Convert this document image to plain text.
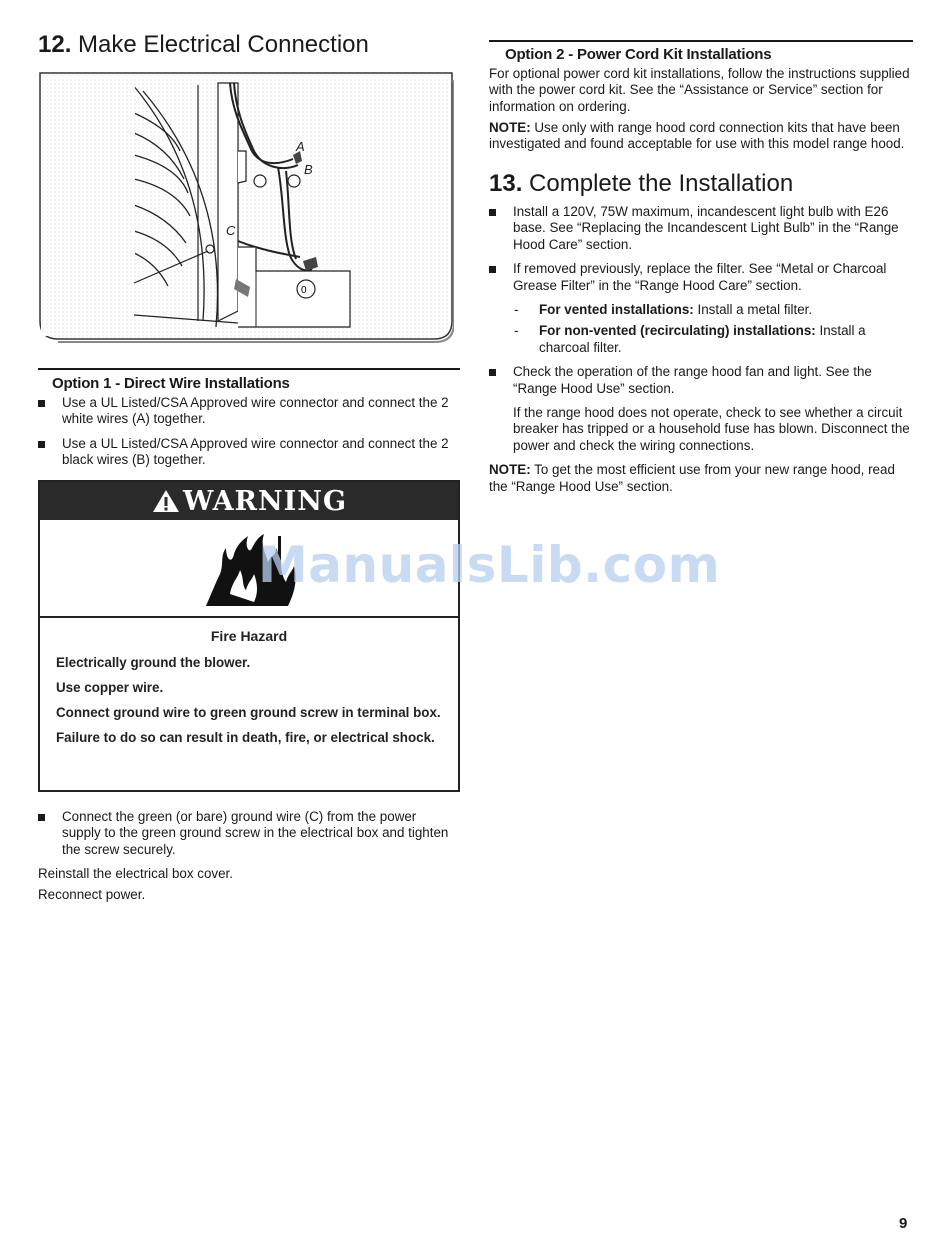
12. Make Electrical Connection
0
A
B
C
Option 1 - Direct Wire Installations
Use a UL Listed/CSA Approved wire connector and connect the 2 white wires (A) together.
Use a UL Listed/CSA Approved wire connector and connect the 2 black wires (B) together.
WARNING
Fire Hazard

Electrically ground the blower.

Use copper wire.

Connect ground wire to green ground screw in terminal box.

Failure to do so can result in death, fire, or electrical shock.

Connect the green (or bare) ground wire (C) from the power supply to the green ground screw in the electrical box and tighten the screw securely.
Reinstall the electrical box cover.
Reconnect power.
Option 2 - Power Cord Kit Installations
For optional power cord kit installations, follow the instructions supplied with the power cord kit. See the “Assistance or Service” section for information on ordering.
NOTE: Use only with range hood cord connection kits that have been investigated and found acceptable for use with this model range hood.
13. Complete the Installation
Install a 120V, 75W maximum, incandescent light bulb with E26 base. See “Replacing the Incandescent Light Bulb” in the “Range Hood Care” section.
If removed previously, replace the filter. See “Metal or Charcoal Grease Filter” in the “Range Hood Care” section.
- For vented installations: Install a metal filter.
- For non-vented (recirculating) installations: Install a charcoal filter.
Check the operation of the range hood fan and light. See the “Range Hood Use” section.
If the range hood does not operate, check to see whether a circuit breaker has tripped or a household fuse has blown. Disconnect the power and check the wiring connections.
NOTE: To get the most efficient use from your new range hood, read the “Range Hood Use” section.
ManualsLib.com
9
